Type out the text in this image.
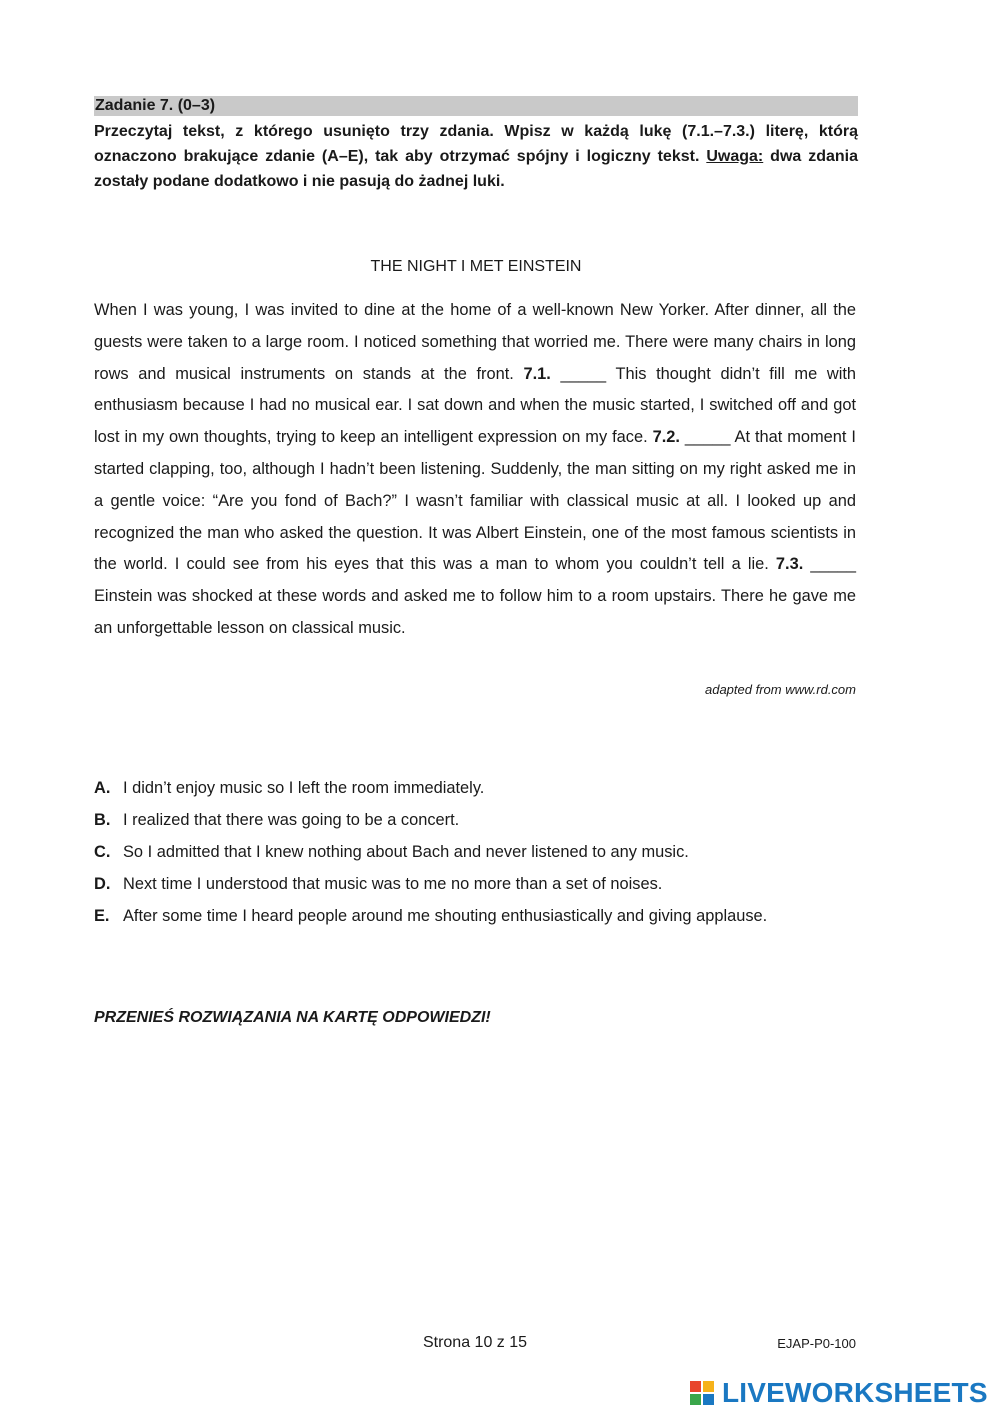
Zadanie 7. (0–3)
Przeczytaj tekst, z którego usunięto trzy zdania. Wpisz w każdą lukę (7.1.–7.3.) literę, którą oznaczono brakujące zdanie (A–E), tak aby otrzymać spójny i logiczny tekst. Uwaga: dwa zdania zostały podane dodatkowo i nie pasują do żadnej luki.
THE NIGHT I MET EINSTEIN
When I was young, I was invited to dine at the home of a well-known New Yorker. After dinner, all the guests were taken to a large room. I noticed something that worried me. There were many chairs in long rows and musical instruments on stands at the front. 7.1. _____ This thought didn’t fill me with enthusiasm because I had no musical ear. I sat down and when the music started, I switched off and got lost in my own thoughts, trying to keep an intelligent expression on my face. 7.2. _____ At that moment I started clapping, too, although I hadn’t been listening. Suddenly, the man sitting on my right asked me in a gentle voice: “Are you fond of Bach?” I wasn’t familiar with classical music at all. I looked up and recognized the man who asked the question. It was Albert Einstein, one of the most famous scientists in the world. I could see from his eyes that this was a man to whom you couldn’t tell a lie. 7.3. _____ Einstein was shocked at these words and asked me to follow him to a room upstairs. There he gave me an unforgettable lesson on classical music.
adapted from www.rd.com
A. I didn’t enjoy music so I left the room immediately.
B. I realized that there was going to be a concert.
C. So I admitted that I knew nothing about Bach and never listened to any music.
D. Next time I understood that music was to me no more than a set of noises.
E. After some time I heard people around me shouting enthusiastically and giving applause.
PRZENIEŚ ROZWIĄZANIA NA KARTĘ ODPOWIEDZI!
Strona 10 z 15	EJAP-P0-100
LIVEWORKSHEETS
